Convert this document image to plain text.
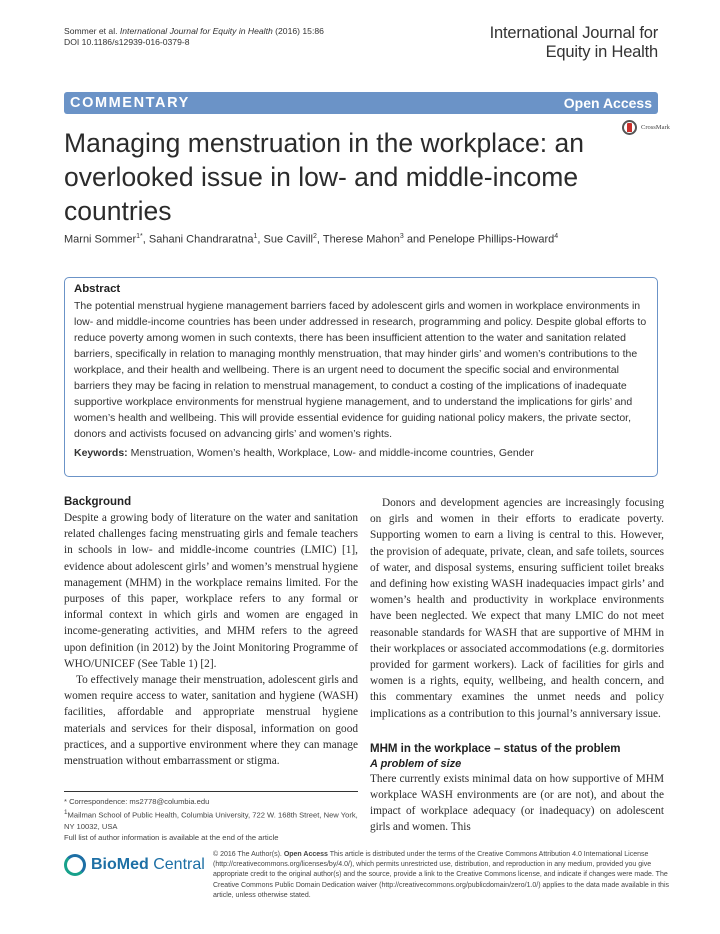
Sommer et al. International Journal for Equity in Health (2016) 15:86
DOI 10.1186/s12939-016-0379-8	International Journal for
Equity in Health
COMMENTARY	Open Access
Managing menstruation in the workplace: an overlooked issue in low- and middle-income countries
CrossMark
Marni Sommer$^{1*}$, Sahani Chandraratna$^1$, Sue Cavill$^2$, Therese Mahon$^3$ and Penelope Phillips-Howard$^4$
Abstract

The potential menstrual hygiene management barriers faced by adolescent girls and women in workplace environments in low- and middle-income countries has been under addressed in research, programming and policy. Despite global efforts to reduce poverty among women in such contexts, there has been insufficient attention to the water and sanitation related barriers, specifically in relation to managing monthly menstruation, that may hinder girls’ and women’s contributions to the workplace, and their health and wellbeing. There is an urgent need to document the specific social and environmental barriers they may be facing in relation to menstrual management, to conduct a costing of the implications of inadequate supportive workplace environments for menstrual hygiene management, and to understand the implications for girls’ and women’s health and wellbeing. This will provide essential evidence for guiding national policy makers, the private sector, donors and activists focused on advancing girls’ and women’s rights.

Keywords: Menstruation, Women’s health, Workplace, Low- and middle-income countries, Gender
Background

Despite a growing body of literature on the water and sanitation related challenges facing menstruating girls and female teachers in schools in low- and middle-income countries (LMIC) [1], evidence about adolescent girls’ and women’s menstrual hygiene management (MHM) in the workplace remains limited. For the purposes of this paper, workplace refers to any formal or informal context in which girls and women are engaged in income-generating activities, and MHM refers to the agreed upon definition (in 2012) by the Joint Monitoring Programme of WHO/UNICEF (See Table 1) [2].

To effectively manage their menstruation, adolescent girls and women require access to water, sanitation and hygiene (WASH) facilities, affordable and appropriate menstrual hygiene materials and services for their disposal, information on good practices, and a supportive environment where they can manage menstruation without embarrassment or stigma.

Donors and development agencies are increasingly focusing on girls and women in their efforts to eradicate poverty. Supporting women to earn a living is central to this. However, the provision of adequate, private, clean, and safe toilets, sources of water, and disposal systems, ensuring sufficient toilet breaks and defining how existing WASH inadequacies impact girls’ and women’s health and productivity in workplace environments have been neglected. We expect that many LMIC do not meet reasonable standards for WASH that are supportive of MHM in their workplaces or associated accommodations (e.g. dormitories provided for garment workers). Lack of facilities for girls and women is a rights, equity, wellbeing, and health concern, and this commentary examines the unmet needs and policy implications as a contribution to this journal’s anniversary issue.

MHM in the workplace – status of the problem
A problem of size

There currently exists minimal data on how supportive of MHM workplace WASH environments are (or are not), and about the impact of workplace adequacy (or inadequacy) on adolescent girls and women. This

* Correspondence: ms2778@columbia.edu
$^1$Mailman School of Public Health, Columbia University, 722 W. 168th Street, New York, NY 10032, USA
Full list of author information is available at the end of the article
BioMed Central
© 2016 The Author(s). Open Access This article is distributed under the terms of the Creative Commons Attribution 4.0 International License (http://creativecommons.org/licenses/by/4.0/), which permits unrestricted use, distribution, and reproduction in any medium, provided you give appropriate credit to the original author(s) and the source, provide a link to the Creative Commons license, and indicate if changes were made. The Creative Commons Public Domain Dedication waiver (http://creativecommons.org/publicdomain/zero/1.0/) applies to the data made available in this article, unless otherwise stated.
